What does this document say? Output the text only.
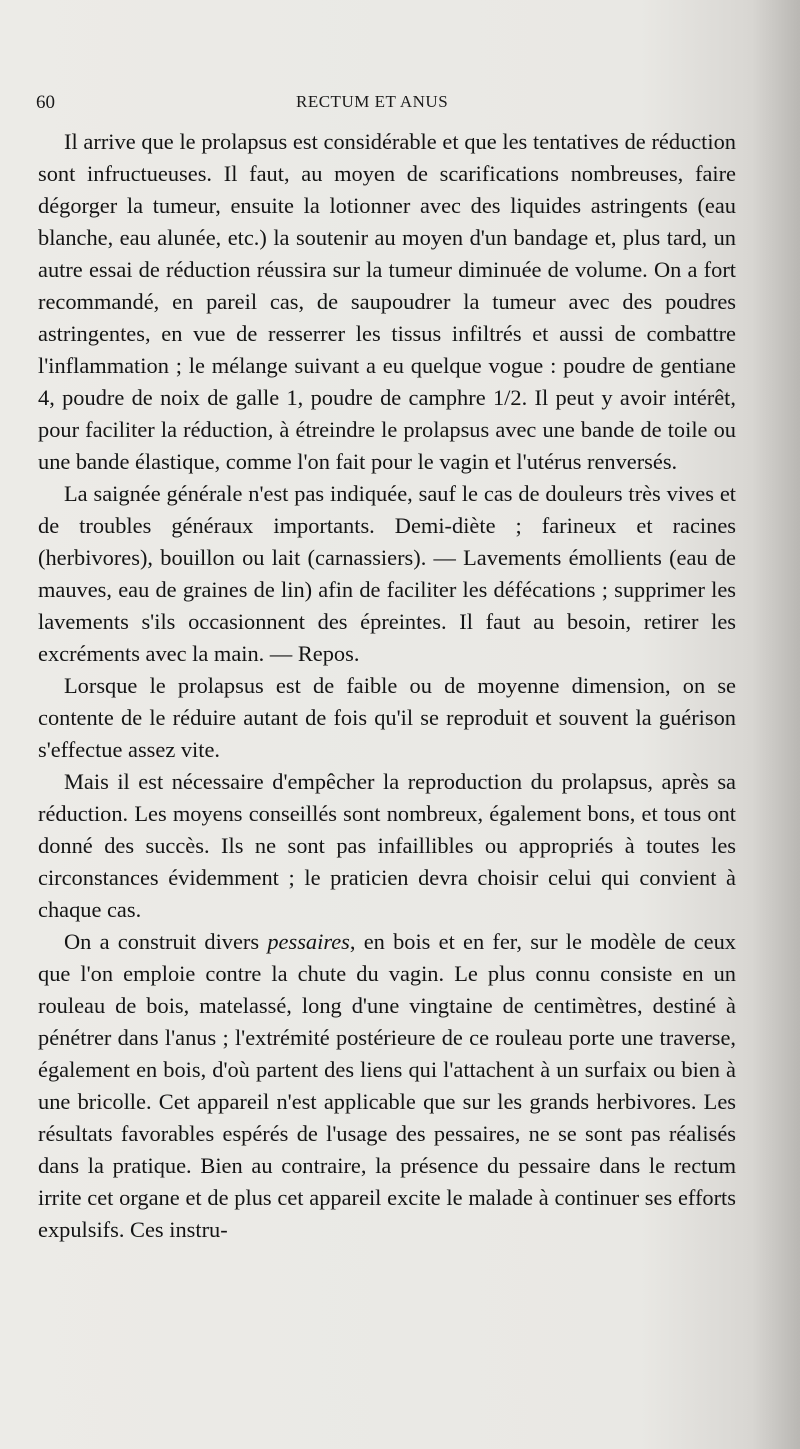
60	RECTUM ET ANUS

Il arrive que le prolapsus est considérable et que les tentatives de réduction sont infructueuses. Il faut, au moyen de scarifications nombreuses, faire dégorger la tumeur, ensuite la lotionner avec des liquides astringents (eau blanche, eau alunée, etc.) la soutenir au moyen d'un bandage et, plus tard, un autre essai de réduction réussira sur la tumeur diminuée de volume. On a fort recommandé, en pareil cas, de saupoudrer la tumeur avec des poudres astringentes, en vue de resserrer les tissus infiltrés et aussi de combattre l'inflammation ; le mélange suivant a eu quelque vogue : poudre de gentiane 4, poudre de noix de galle 1, poudre de camphre 1/2. Il peut y avoir intérêt, pour faciliter la réduction, à étreindre le prolapsus avec une bande de toile ou une bande élastique, comme l'on fait pour le vagin et l'utérus renversés.

La saignée générale n'est pas indiquée, sauf le cas de douleurs très vives et de troubles généraux importants. Demi-diète ; farineux et racines (herbivores), bouillon ou lait (carnassiers). — Lavements émollients (eau de mauves, eau de graines de lin) afin de faciliter les défécations ; supprimer les lavements s'ils occasionnent des épreintes. Il faut au besoin, retirer les excréments avec la main. — Repos.

Lorsque le prolapsus est de faible ou de moyenne dimension, on se contente de le réduire autant de fois qu'il se reproduit et souvent la guérison s'effectue assez vite.

Mais il est nécessaire d'empêcher la reproduction du prolapsus, après sa réduction. Les moyens conseillés sont nombreux, également bons, et tous ont donné des succès. Ils ne sont pas infaillibles ou appropriés à toutes les circonstances évidemment ; le praticien devra choisir celui qui convient à chaque cas.

On a construit divers pessaires, en bois et en fer, sur le modèle de ceux que l'on emploie contre la chute du vagin. Le plus connu consiste en un rouleau de bois, matelassé, long d'une vingtaine de centimètres, destiné à pénétrer dans l'anus ; l'extrémité postérieure de ce rouleau porte une traverse, également en bois, d'où partent des liens qui l'attachent à un surfaix ou bien à une bricolle. Cet appareil n'est applicable que sur les grands herbivores. Les résultats favorables espérés de l'usage des pessaires, ne se sont pas réalisés dans la pratique. Bien au contraire, la présence du pessaire dans le rectum irrite cet organe et de plus cet appareil excite le malade à continuer ses efforts expulsifs. Ces instru-
